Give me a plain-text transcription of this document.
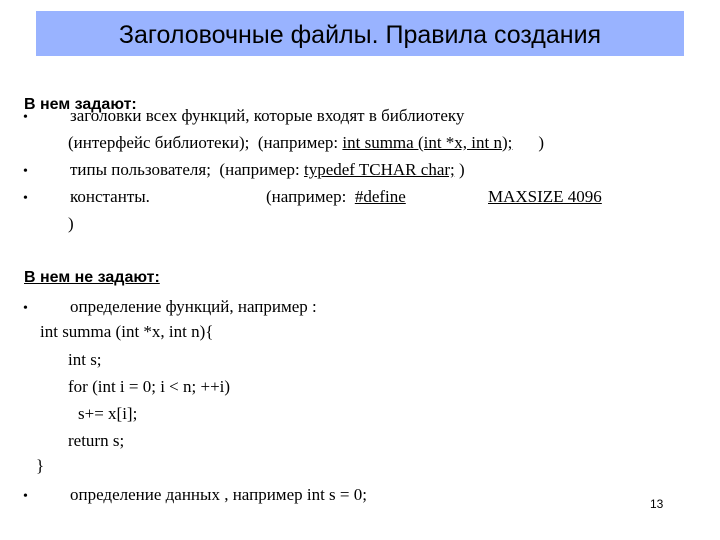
Заголовочные файлы. Правила создания
В нем задают:
• заголовки всех функций, которые входят в библиотеку
(интерфейс библиотеки);  (например: int summa (int *x, int n); )
• типы пользователя;  (например: typedef TCHAR char; )
• константы.	(например:  #define	MAXSIZE 4096
)
В нем не задают:
• определение функций, например :
int summa (int *x, int n){
int s;
for (int i = 0; i < n; ++i)
s+= x[i];
return s;
}
• определение данных , например int s = 0;	13
